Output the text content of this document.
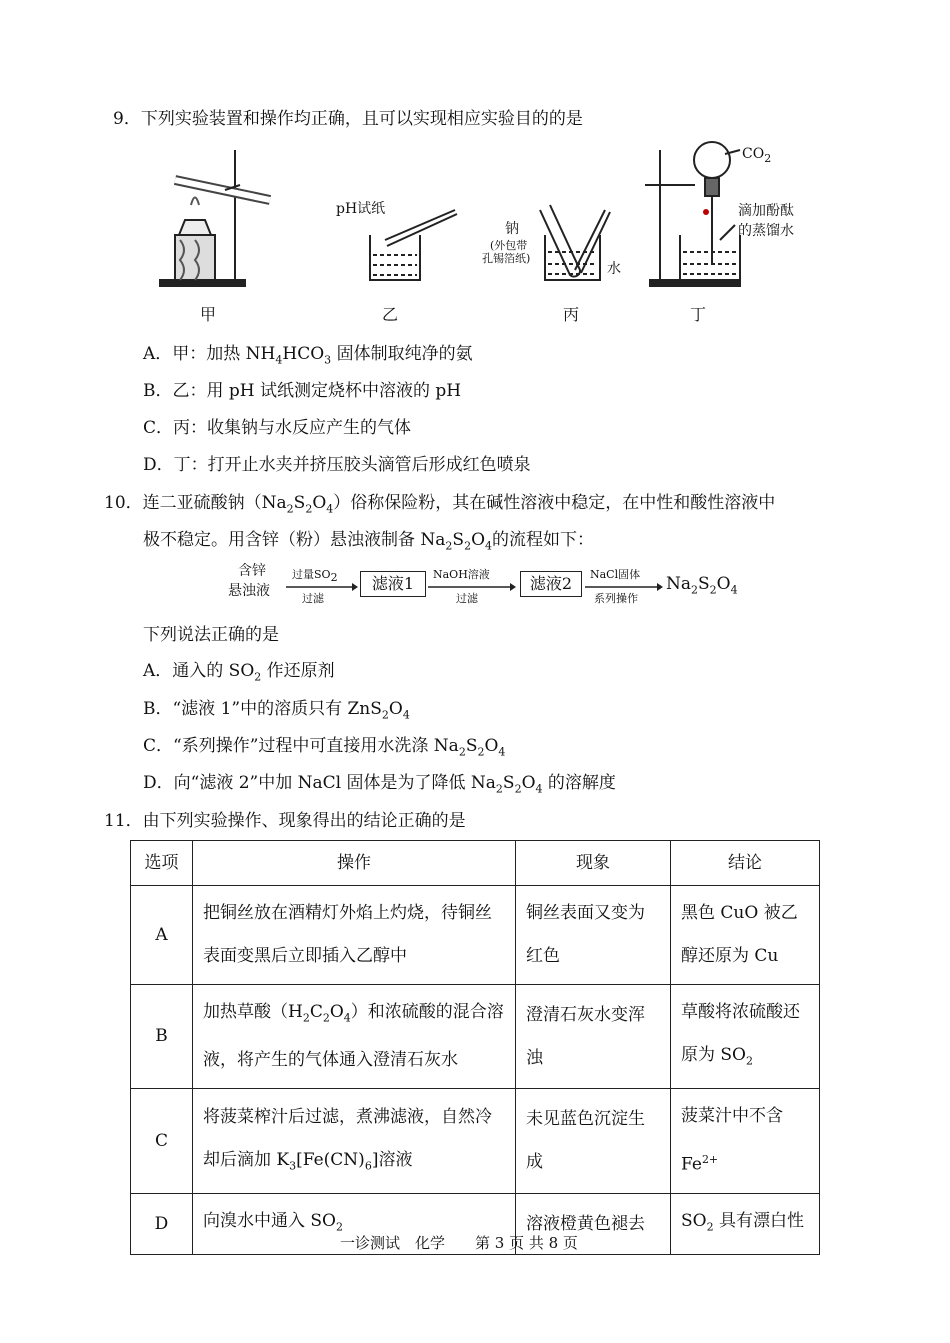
9．下列实验装置和操作均正确，且可以实现相应实验目的的是
pH试纸
钠
(外包带
孔锡箔纸)
水
$CO_2$
滴加酚酞
的蒸馏水
甲	乙	丙	丁
A．甲：加热 $NH_4HCO_3$ 固体制取纯净的氨
B．乙：用 pH 试纸测定烧杯中溶液的 pH
C．丙：收集钠与水反应产生的气体
D．丁：打开止水夹并挤压胶头滴管后形成红色喷泉
10．连二亚硫酸钠$(Na_2S_2O_4)$俗称保险粉，其在碱性溶液中稳定，在中性和酸性溶液中
极不稳定。用含锌（粉）悬浊液制备 $Na_2S_2O_4$的流程如下：
含锌
悬浊液
过量$SO_2$
过滤
滤液1	NaOH溶液
过滤
滤液2	NaCl固体
系列操作
$Na_2S_2O_4$
下列说法正确的是
A．通入的 $SO_2$ 作还原剂
B．“滤液 1”中的溶质只有 $ZnS_2O_4$
C．“系列操作”过程中可直接用水洗涤 $Na_2S_2O_4$
D．向“滤液 2”中加 NaCl 固体是为了降低 $Na_2S_2O_4$ 的溶解度
11．由下列实验操作、现象得出的结论正确的是
选项	操作	现象	结论
A	把铜丝放在酒精灯外焰上灼烧，待铜丝表面变黑后立即插入乙醇中	铜丝表面又变为红色	黑色 CuO 被乙醇还原为 Cu
B	加热草酸$(H_2C_2O_4)$和浓硫酸的混合溶液，将产生的气体通入澄清石灰水	澄清石灰水变浑浊	草酸将浓硫酸还原为 $SO_2$
C	将菠菜榨汁后过滤，煮沸滤液，自然冷却后滴加 $K_3[Fe(CN)_6]$溶液	未见蓝色沉淀生成	菠菜汁中不含 $Fe^{2+}$
D	向溴水中通入 $SO_2$	溶液橙黄色褪去	$SO_2$ 具有漂白性
一诊测试　化学　　第 3 页 共 8 页
